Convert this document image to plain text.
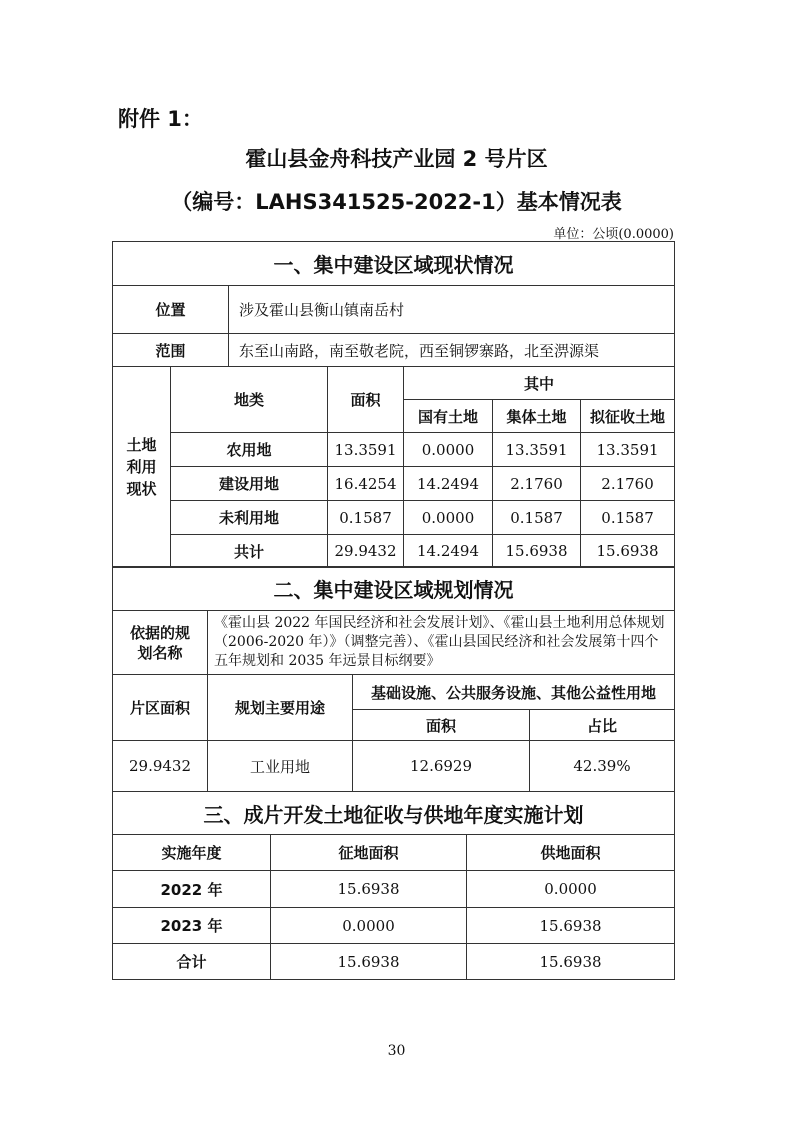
附件 1：
霍山县金舟科技产业园 2 号片区
（编号：LAHS341525-2022-1）基本情况表
单位：公顷(0.0000)
一、集中建设区域现状情况						
位置		涉及霍山县衡山镇南岳村				
范围		东至山南路，南至敬老院，西至铜锣寨路，北至淠源渠				
土地
利用
现状	地类		面积	其中		
				国有土地	集体土地	拟征收土地
	农用地		13.3591	0.0000	13.3591	13.3591
	建设用地		16.4254	14.2494	2.1760	2.1760
	未利用地		0.1587	0.0000	0.1587	0.1587
	共计		29.9432	14.2494	15.6938	15.6938
二、集中建设区域规划情况			
依据的规
划名称	《霍山县 2022 年国民经济和社会发展计划》、《霍山县土地利用总体规划（2006-2020 年）》（调整完善）、《霍山县国民经济和社会发展第十四个五年规划和 2035 年远景目标纲要》		
片区面积	规划主要用途	基础设施、公共服务设施、其他公益性用地	
		面积	占比
29.9432	工业用地	12.6929	42.39%
三、成片开发土地征收与供地年度实施计划		
实施年度	征地面积	供地面积
2022 年	15.6938	0.0000
2023 年	0.0000	15.6938
合计	15.6938	15.6938
30
